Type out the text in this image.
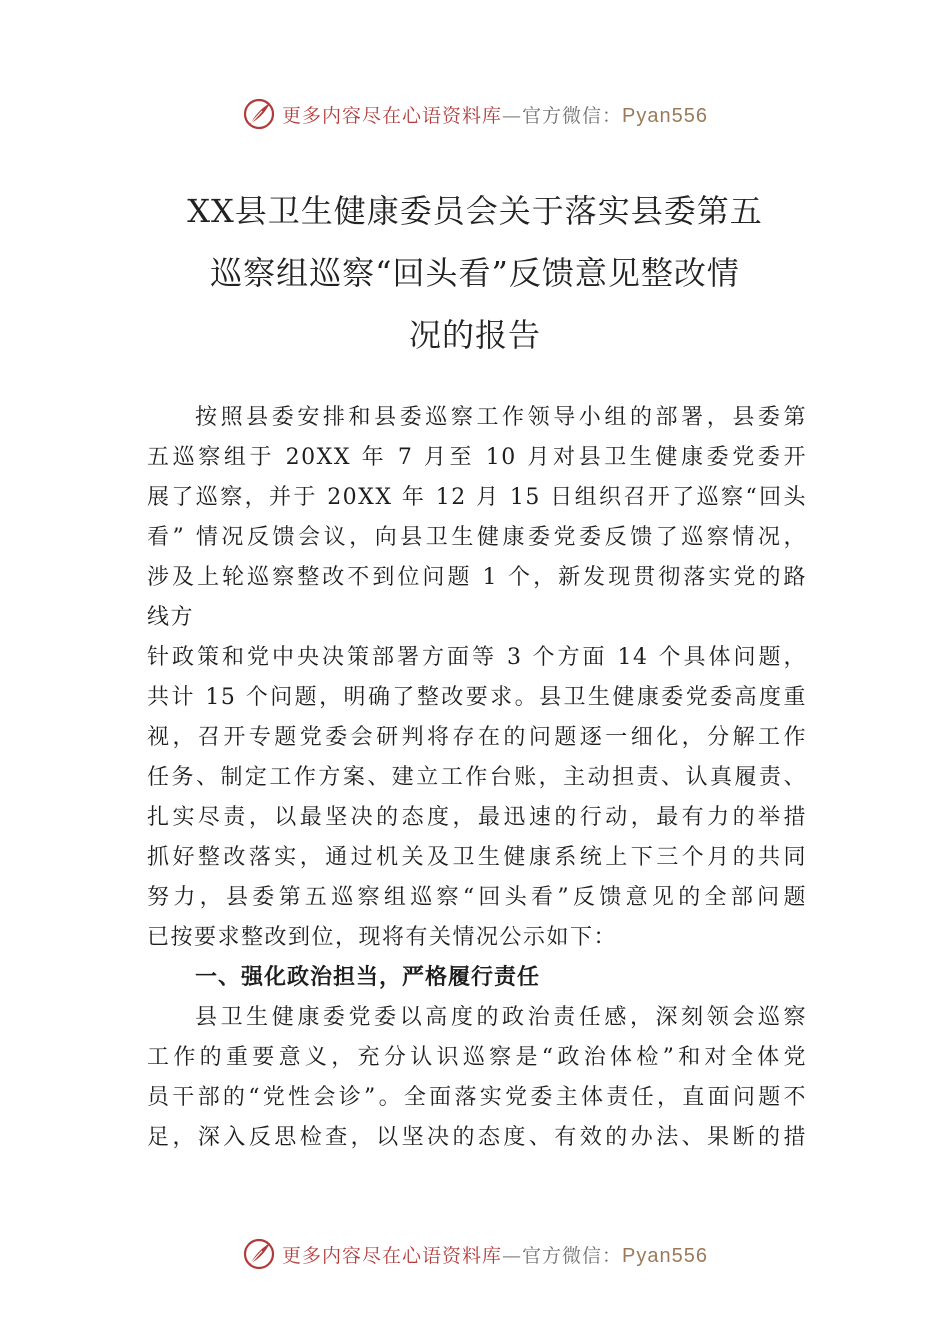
更多内容尽在心语资料库—官方微信：Pyan556
XX县卫生健康委员会关于落实县委第五
巡察组巡察“回头看”反馈意见整改情
况的报告
按照县委安排和县委巡察工作领导小组的部署，县委第
五巡察组于 20XX 年 7 月至 10 月对县卫生健康委党委开
展了巡察，并于 20XX 年 12 月 15 日组织召开了巡察“回头
看” 情况反馈会议，向县卫生健康委党委反馈了巡察情况，
涉及上轮巡察整改不到位问题 1 个，新发现贯彻落实党的路
线方
针政策和党中央决策部署方面等 3 个方面 14 个具体问题，
共计 15 个问题，明确了整改要求。县卫生健康委党委高度重
视，召开专题党委会研判将存在的问题逐一细化，分解工作
任务、制定工作方案、建立工作台账，主动担责、认真履责、
扎实尽责，以最坚决的态度，最迅速的行动，最有力的举措
抓好整改落实，通过机关及卫生健康系统上下三个月的共同
努力，县委第五巡察组巡察“回头看”反馈意见的全部问题
已按要求整改到位，现将有关情况公示如下：
一、强化政治担当，严格履行责任
县卫生健康委党委以高度的政治责任感，深刻领会巡察
工作的重要意义，充分认识巡察是“政治体检”和对全体党
员干部的“党性会诊”。全面落实党委主体责任，直面问题不
足，深入反思检查，以坚决的态度、有效的办法、果断的措
更多内容尽在心语资料库—官方微信：Pyan556
